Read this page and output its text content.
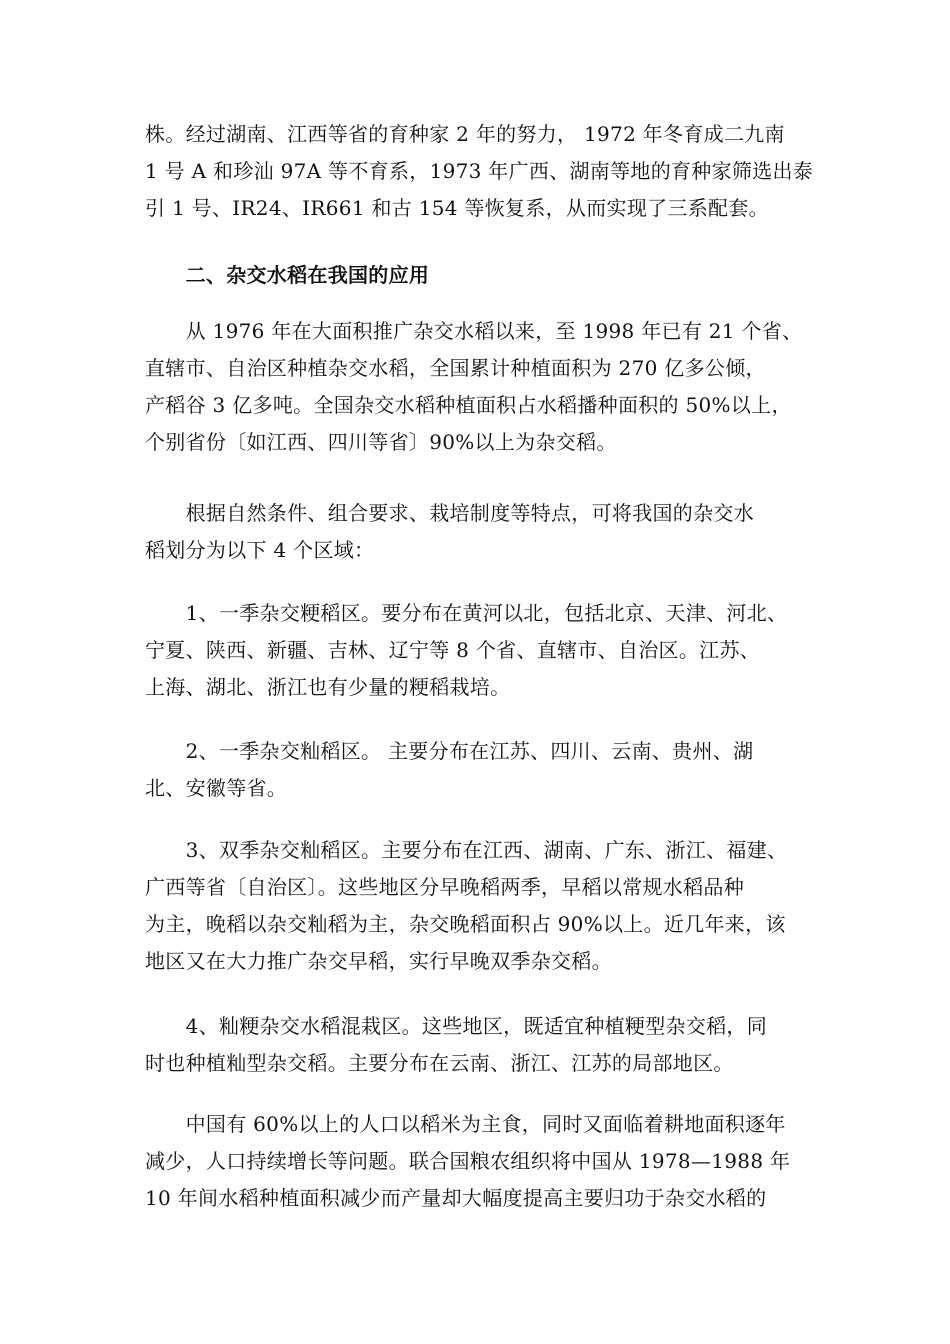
株。经过湖南、江西等省的育种家 2 年的努力， 1972 年冬育成二九南
1 号 A 和珍汕 97A 等不育系，1973 年广西、湖南等地的育种家筛选出泰
引 1 号、IR24、IR661 和古 154 等恢复系，从而实现了三系配套。
　　二、杂交水稻在我国的应用
　　从 1976 年在大面积推广杂交水稻以来，至 1998 年已有 21 个省、
直辖市、自治区种植杂交水稻，全国累计种植面积为 270 亿多公倾，
产稻谷 3 亿多吨。全国杂交水稻种植面积占水稻播种面积的 50%以上，
个别省份〔如江西、四川等省〕90%以上为杂交稻。
　　根据自然条件、组合要求、栽培制度等特点，可将我国的杂交水
稻划分为以下 4 个区域：
　　1、一季杂交粳稻区。要分布在黄河以北，包括北京、天津、河北、
宁夏、陕西、新疆、吉林、辽宁等 8 个省、直辖市、自治区。江苏、
上海、湖北、浙江也有少量的粳稻栽培。
　　2、一季杂交籼稻区。 主要分布在江苏、四川、云南、贵州、湖
北、安徽等省。
　　3、双季杂交籼稻区。主要分布在江西、湖南、广东、浙江、福建、
广西等省〔自治区〕。这些地区分早晚稻两季，早稻以常规水稻品种
为主，晚稻以杂交籼稻为主，杂交晚稻面积占 90%以上。近几年来，该
地区又在大力推广杂交早稻，实行早晚双季杂交稻。
　　4、籼粳杂交水稻混栽区。这些地区，既适宜种植粳型杂交稻，同
时也种植籼型杂交稻。主要分布在云南、浙江、江苏的局部地区。
　　中国有 60%以上的人口以稻米为主食，同时又面临着耕地面积逐年
减少，人口持续增长等问题。联合国粮农组织将中国从 1978—1988 年
10 年间水稻种植面积减少而产量却大幅度提高主要归功于杂交水稻的
